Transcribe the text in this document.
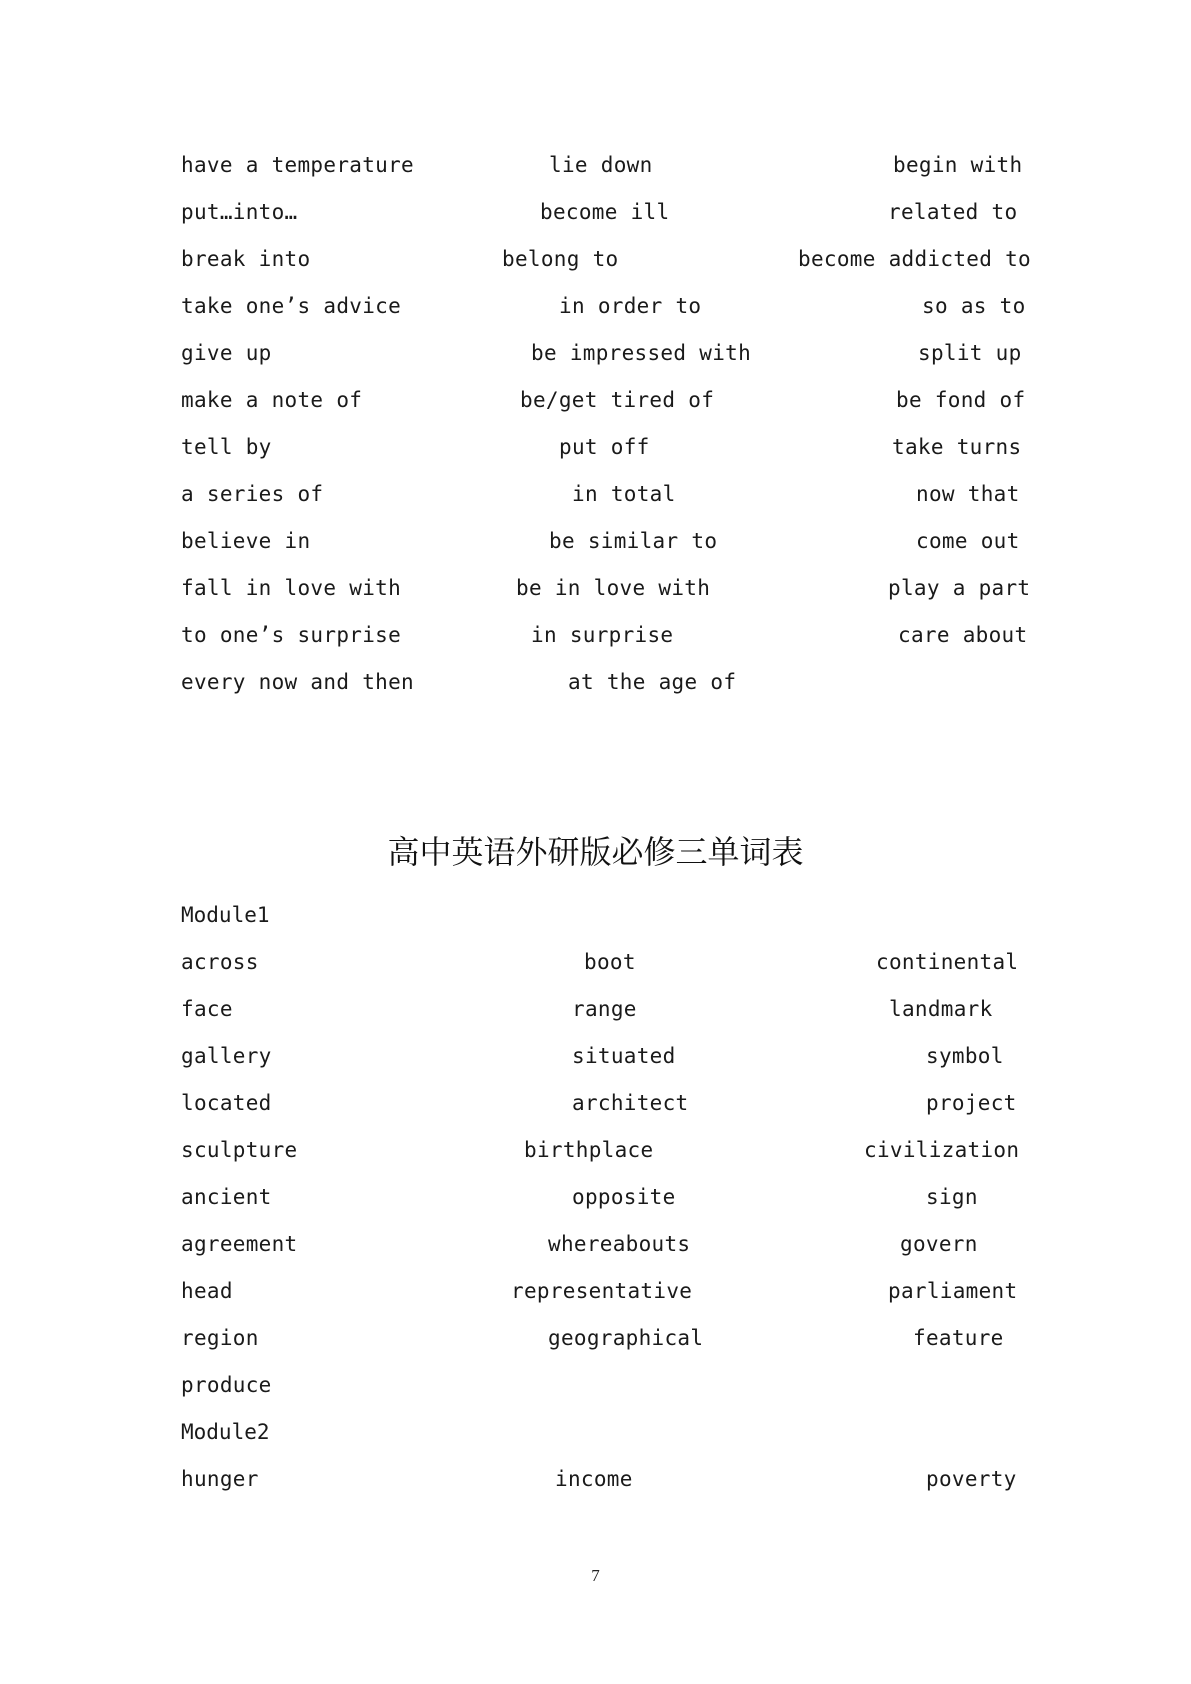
have a temperature	lie down	begin with
put…into…	become ill	related to
break into	belong to	become addicted to
take one’s advice	in order to	so as to
give up	be impressed with	split up
make a note of	be/get tired of	be fond of
tell by	put off	take turns
a series of	in total	now that
believe in	be similar to	come out
fall in love with	be in love with	play a part
to one’s surprise	in surprise	care about
every now and then	at the age of
高中英语外研版必修三单词表
Module1
across	boot	continental
face	range	landmark
gallery	situated	symbol
located	architect	project
sculpture	birthplace	civilization
ancient	opposite	sign
agreement	whereabouts	govern
head	representative	parliament
region	geographical	feature
produce
Module2
hunger	income	poverty
7
